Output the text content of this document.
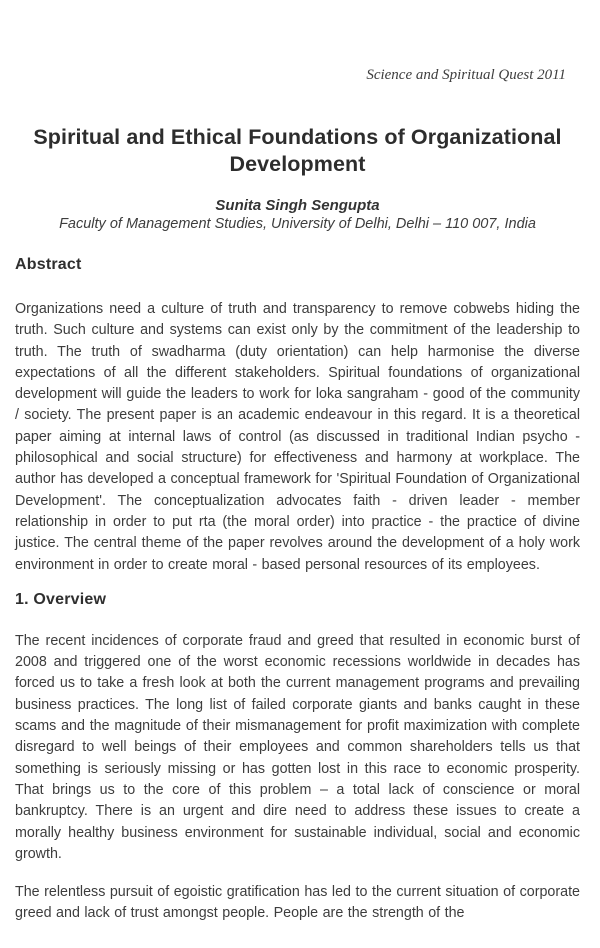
Science and Spiritual Quest 2011
Spiritual and Ethical Foundations of Organizational Development
Sunita Singh Sengupta
Faculty of Management Studies, University of Delhi, Delhi – 110 007, India
Abstract

Organizations need a culture of truth and transparency to remove cobwebs hiding the truth. Such culture and systems can exist only by the commitment of the leadership to truth. The truth of swadharma (duty orientation) can help harmonise the diverse expectations of all the different stakeholders. Spiritual foundations of organizational development will guide the leaders to work for loka sangraham - good of the community / society. The present paper is an academic endeavour in this regard. It is a theoretical paper aiming at internal laws of control (as discussed in traditional Indian psycho - philosophical and social structure) for effectiveness and harmony at workplace. The author has developed a conceptual framework for 'Spiritual Foundation of Organizational Development'. The conceptualization advocates faith - driven leader - member relationship in order to put rta (the moral order) into practice - the practice of divine justice. The central theme of the paper revolves around the development of a holy work environment in order to create moral - based personal resources of its employees.

1. Overview

The recent incidences of corporate fraud and greed that resulted in economic burst of 2008 and triggered one of the worst economic recessions worldwide in decades has forced us to take a fresh look at both the current management programs and prevailing business practices. The long list of failed corporate giants and banks caught in these scams and the magnitude of their mismanagement for profit maximization with complete disregard to well beings of their employees and common shareholders tells us that something is seriously missing or has gotten lost in this race to economic prosperity. That brings us to the core of this problem – a total lack of conscience or moral bankruptcy. There is an urgent and dire need to address these issues to create a morally healthy business environment for sustainable individual, social and economic growth.

The relentless pursuit of egoistic gratification has led to the current situation of corporate greed and lack of trust amongst people. People are the strength of the
